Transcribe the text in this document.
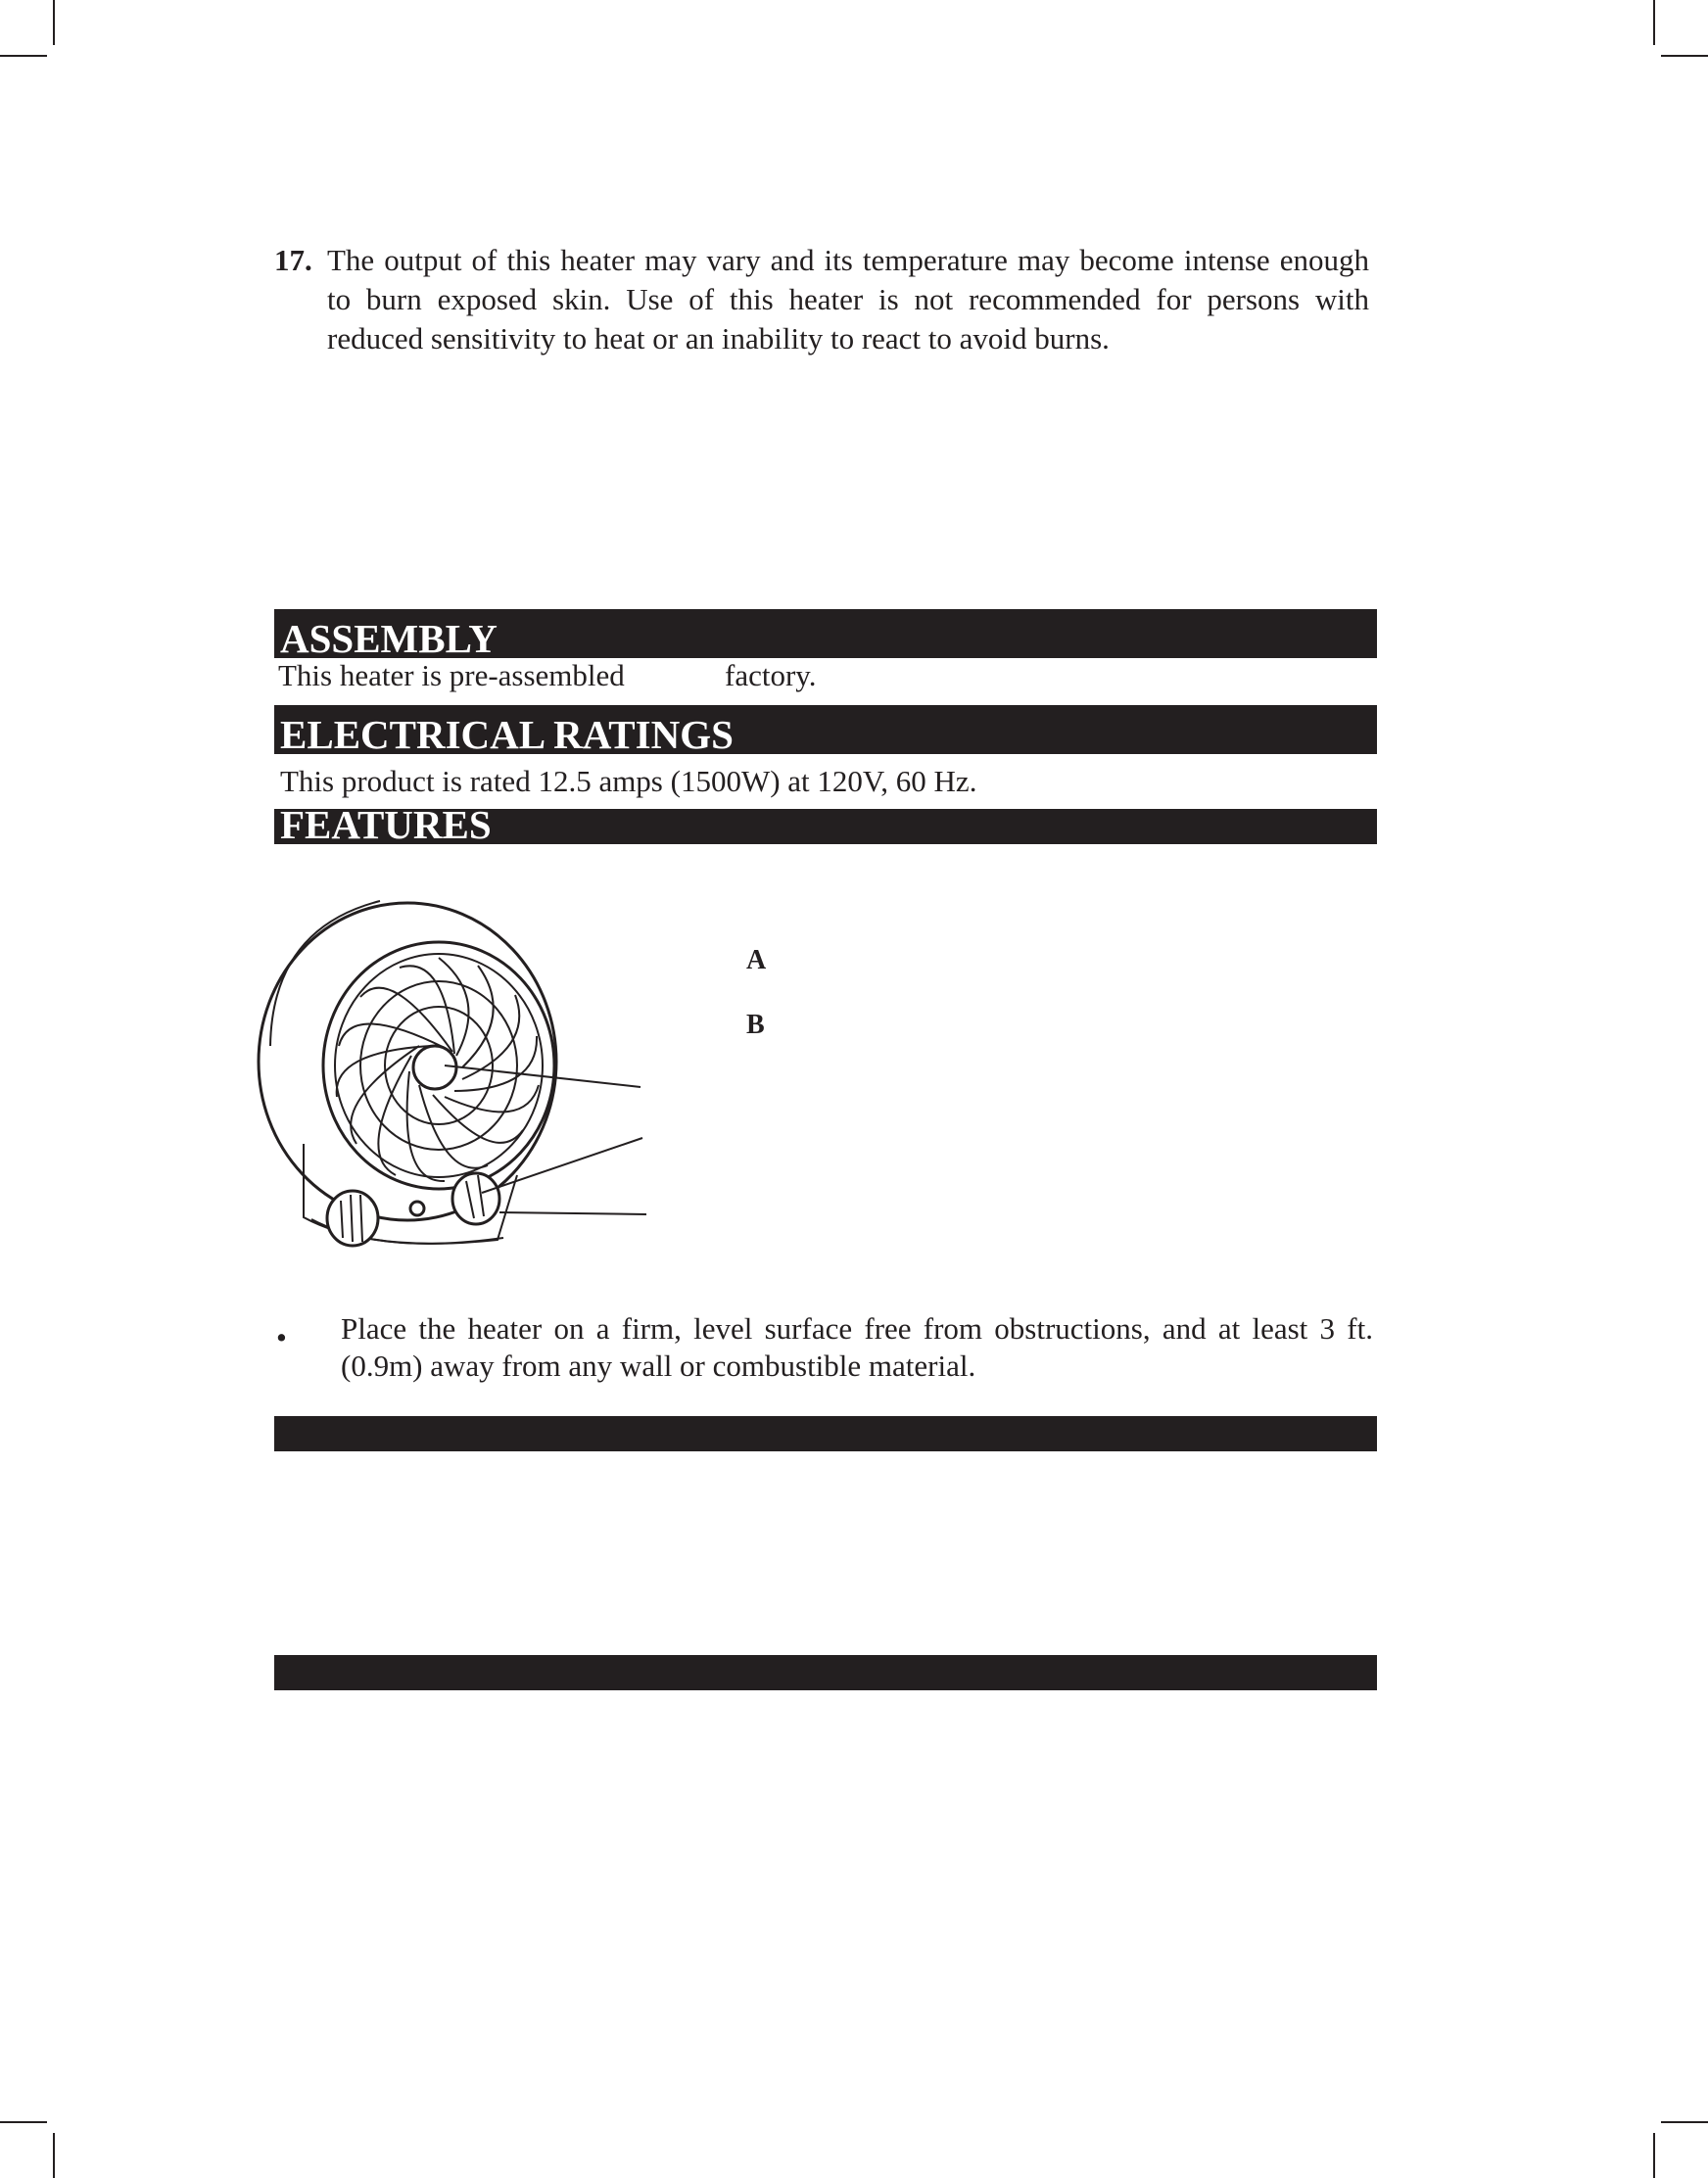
17. The output of this heater may vary and its temperature may become intense enough to burn exposed skin. Use of this heater is not recommended for persons with reduced sensitivity to heat or an inability to react to avoid burns.
ASSEMBLY
This heater is pre-assembled	factory.
ELECTRICAL RATINGS
This product is rated 12.5 amps (1500W) at 120V, 60 Hz.
FEATURES
A
B
• Place the heater on a firm, level surface free from obstructions, and at least 3 ft. (0.9m) away from any wall or combustible material.
